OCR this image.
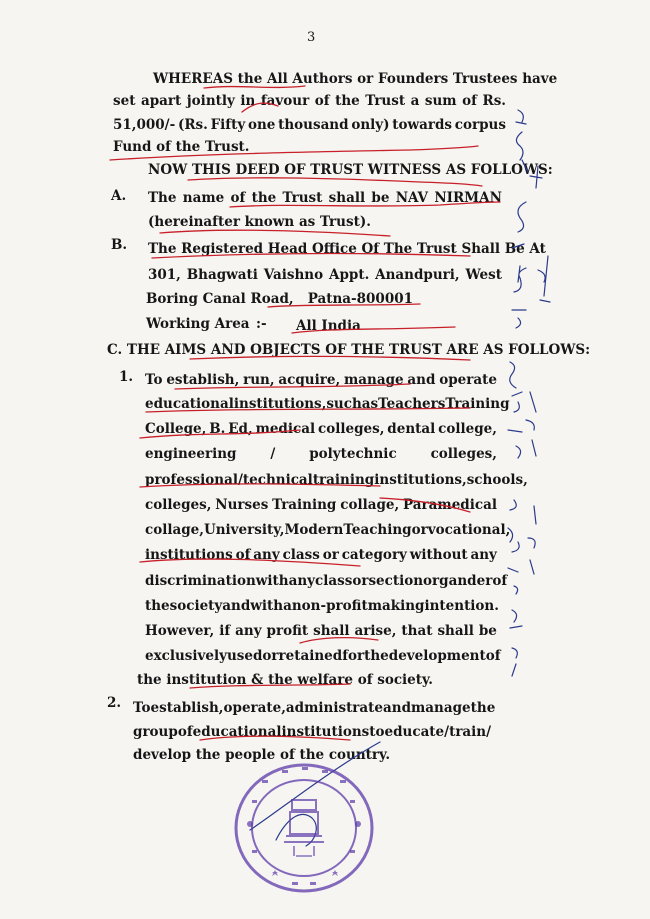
3
WHEREAS the All Authors or Founders Trustees have
set apart jointly in favour of the Trust a sum of Rs.
51,000/- (Rs. Fifty one thousand only) towards corpus
Fund of the Trust.
NOW THIS DEED OF TRUST WITNESS AS FOLLOWS:
A. The name of the Trust shall be NAV NIRMAN
(hereinafter known as Trust).
B. The Registered Head Office Of The Trust Shall Be At
301, Bhagwati Vaishno Appt. Anandpuri, West
Boring Canal Road,   Patna-800001
Working Area :- All India
C. THE AIMS AND OBJECTS OF THE TRUST ARE AS FOLLOWS:
1. To establish, run, acquire, manage and operate
educational institutions, such as Teachers Training
College, B. Ed, medical colleges, dental college,
engineering	/	polytechnic	colleges,
professional/technical training institutions, schools,
colleges, Nurses Training collage, Paramedical
collage, University, Modern Teaching or vocational,
institutions of any class or category without any
discrimination with any class or section or gander of
the society and with a non-profit making intention.
However, if any profit shall arise, that shall be
exclusively used or retained for the development of
the institution & the welfare of society.
2. To establish, operate, administrate and manage the
group of educational institutions to educate/ train /
develop the people of the country.
